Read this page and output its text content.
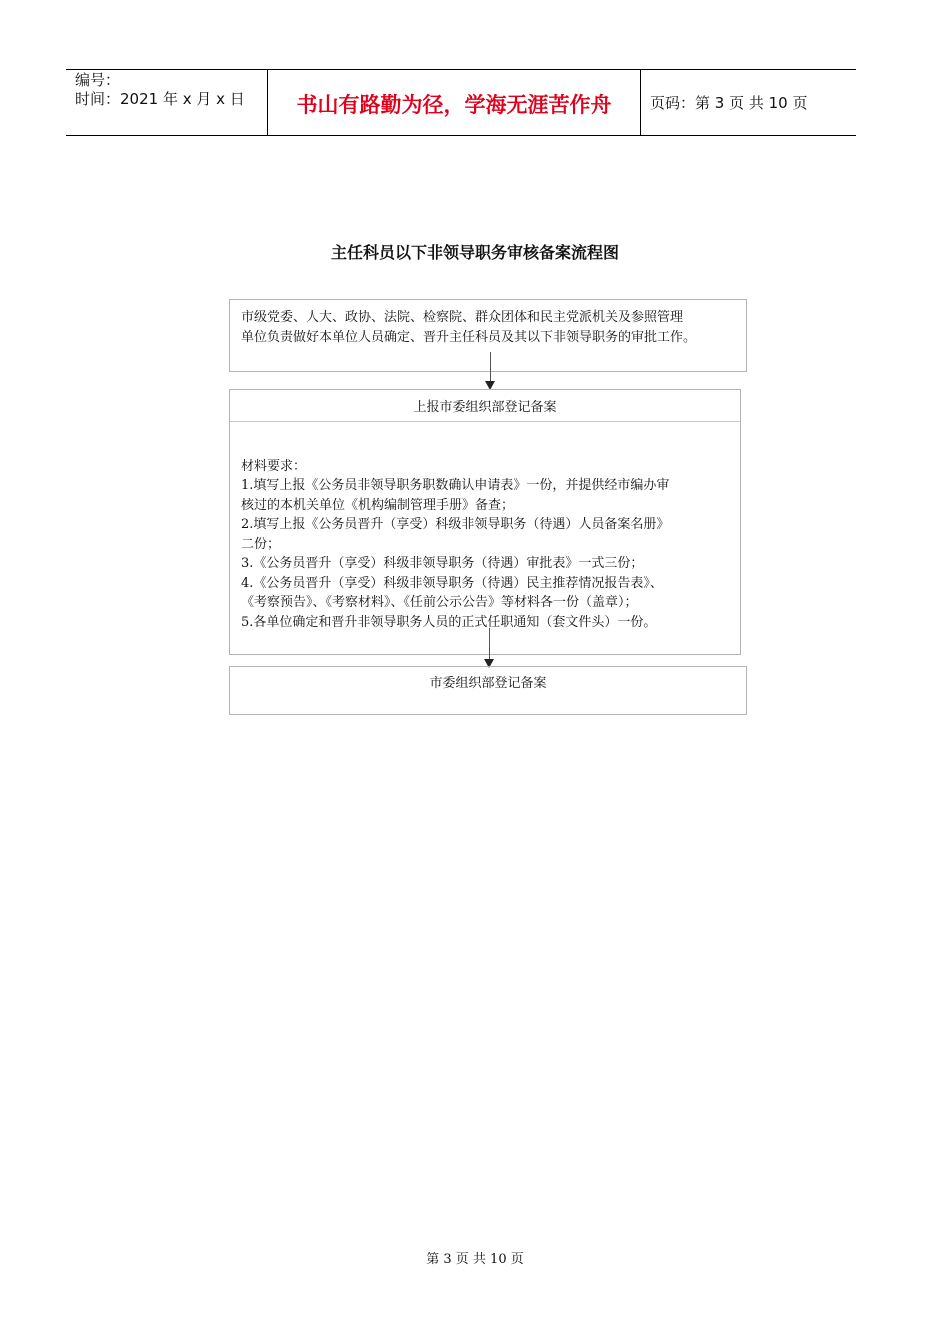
编号：
时间：2021 年 x 月 x 日	书山有路勤为径，学海无涯苦作舟	页码：第 3 页 共 10 页
主任科员以下非领导职务审核备案流程图
市级党委、人大、政协、法院、检察院、群众团体和民主党派机关及参照管理
单位负责做好本单位人员确定、晋升主任科员及其以下非领导职务的审批工作。
上报市委组织部登记备案
材料要求：
1.填写上报《公务员非领导职务职数确认申请表》一份，并提供经市编办审
核过的本机关单位《机构编制管理手册》备查；
2.填写上报《公务员晋升（享受）科级非领导职务（待遇）人员备案名册》
二份；
3.《公务员晋升（享受）科级非领导职务（待遇）审批表》一式三份；
4.《公务员晋升（享受）科级非领导职务（待遇）民主推荐情况报告表》、
《考察预告》、《考察材料》、《任前公示公告》等材料各一份（盖章）；
5.各单位确定和晋升非领导职务人员的正式任职通知（套文件头）一份。
市委组织部登记备案
第 3 页 共 10 页
